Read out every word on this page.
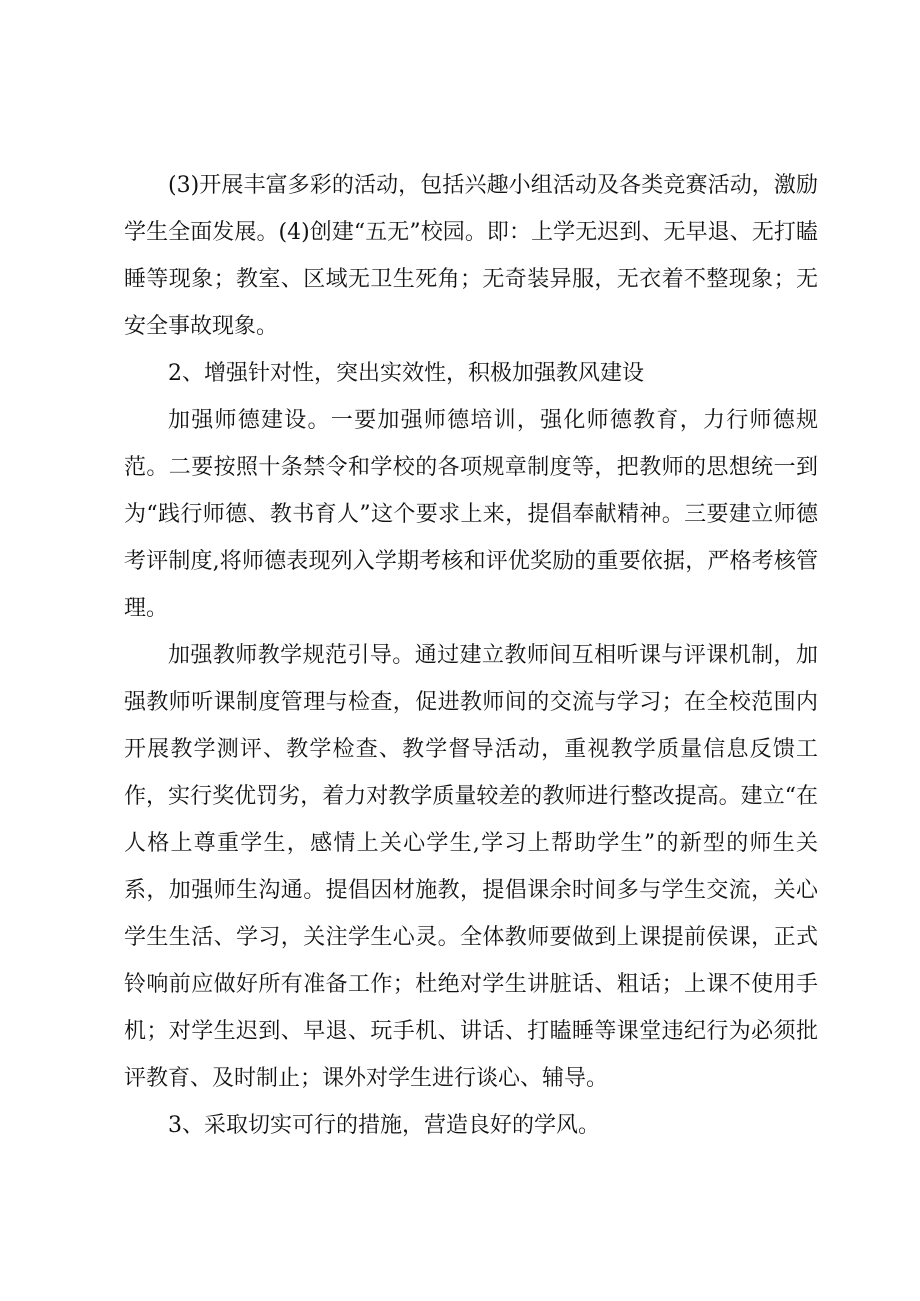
(3)开展丰富多彩的活动，包括兴趣小组活动及各类竞赛活动，激励学生全面发展。(4)创建“五无”校园。即：上学无迟到、无早退、无打瞌睡等现象；教室、区域无卫生死角；无奇装异服，无衣着不整现象；无安全事故现象。

2、增强针对性，突出实效性，积极加强教风建设

加强师德建设。一要加强师德培训，强化师德教育，力行师德规范。二要按照十条禁令和学校的各项规章制度等，把教师的思想统一到为“践行师德、教书育人”这个要求上来，提倡奉献精神。三要建立师德考评制度,将师德表现列入学期考核和评优奖励的重要依据，严格考核管理。

加强教师教学规范引导。通过建立教师间互相听课与评课机制，加强教师听课制度管理与检查，促进教师间的交流与学习；在全校范围内开展教学测评、教学检查、教学督导活动，重视教学质量信息反馈工作，实行奖优罚劣，着力对教学质量较差的教师进行整改提高。建立“在人格上尊重学生，感情上关心学生,学习上帮助学生”的新型的师生关系，加强师生沟通。提倡因材施教，提倡课余时间多与学生交流，关心学生生活、学习，关注学生心灵。全体教师要做到上课提前侯课，正式铃响前应做好所有准备工作；杜绝对学生讲脏话、粗话；上课不使用手机；对学生迟到、早退、玩手机、讲话、打瞌睡等课堂违纪行为必须批评教育、及时制止；课外对学生进行谈心、辅导。

3、采取切实可行的措施，营造良好的学风。
